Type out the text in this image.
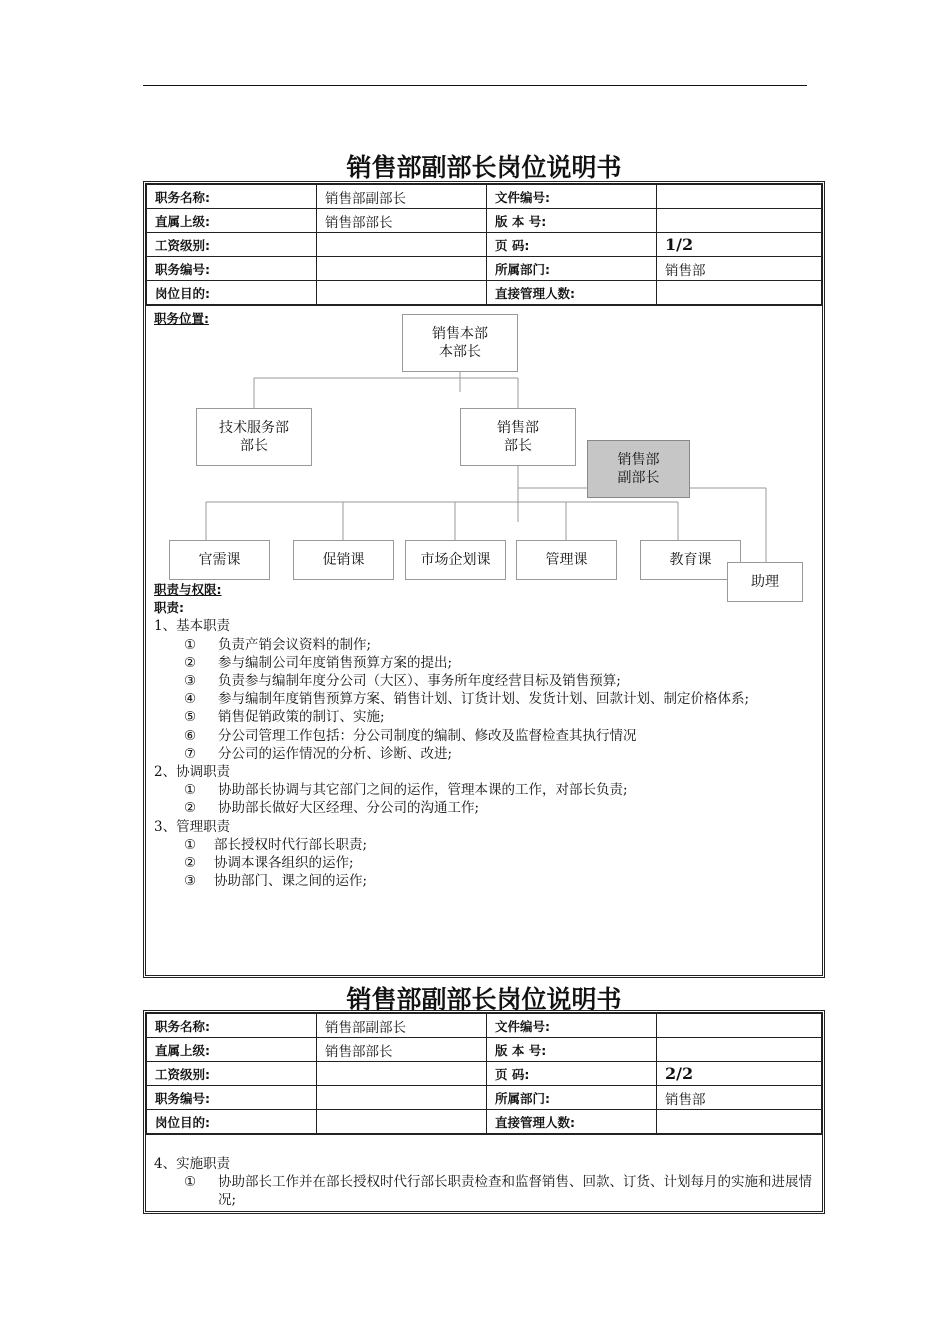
销售部副部长岗位说明书
职务名称:	销售部副部长	文件编号:	
直属上级:	销售部部长	版 本 号:	
工资级别:		页 码:	1/2
职务编号:		所属部门:	销售部
岗位目的:		直接管理人数:	
职务位置:
销售本部
本部长
技术服务部
部长
销售部
部长
销售部
副部长
官需课	促销课	市场企划课	管理课	教育课
助理
职责与权限:
职责:
1、基本职责
①	负责产销会议资料的制作;
②	参与编制公司年度销售预算方案的提出;
③	负责参与编制年度分公司（大区）、事务所年度经营目标及销售预算;
④	参与编制年度销售预算方案、销售计划、订货计划、发货计划、回款计划、制定价格体系;
⑤	销售促销政策的制订、实施;
⑥	分公司管理工作包括：分公司制度的编制、修改及监督检查其执行情况
⑦	分公司的运作情况的分析、诊断、改进;
2、协调职责
①	协助部长协调与其它部门之间的运作，管理本课的工作，对部长负责;
②	协助部长做好大区经理、分公司的沟通工作;
3、管理职责
①	部长授权时代行部长职责;
②	协调本课各组织的运作;
③	协助部门、课之间的运作;
销售部副部长岗位说明书
职务名称:	销售部副部长	文件编号:	
直属上级:	销售部部长	版 本 号:	
工资级别:		页 码:	2/2
职务编号:		所属部门:	销售部
岗位目的:		直接管理人数:	
4、实施职责
①	协助部长工作并在部长授权时代行部长职责检查和监督销售、回款、订货、计划每月的实施和进展情况;
